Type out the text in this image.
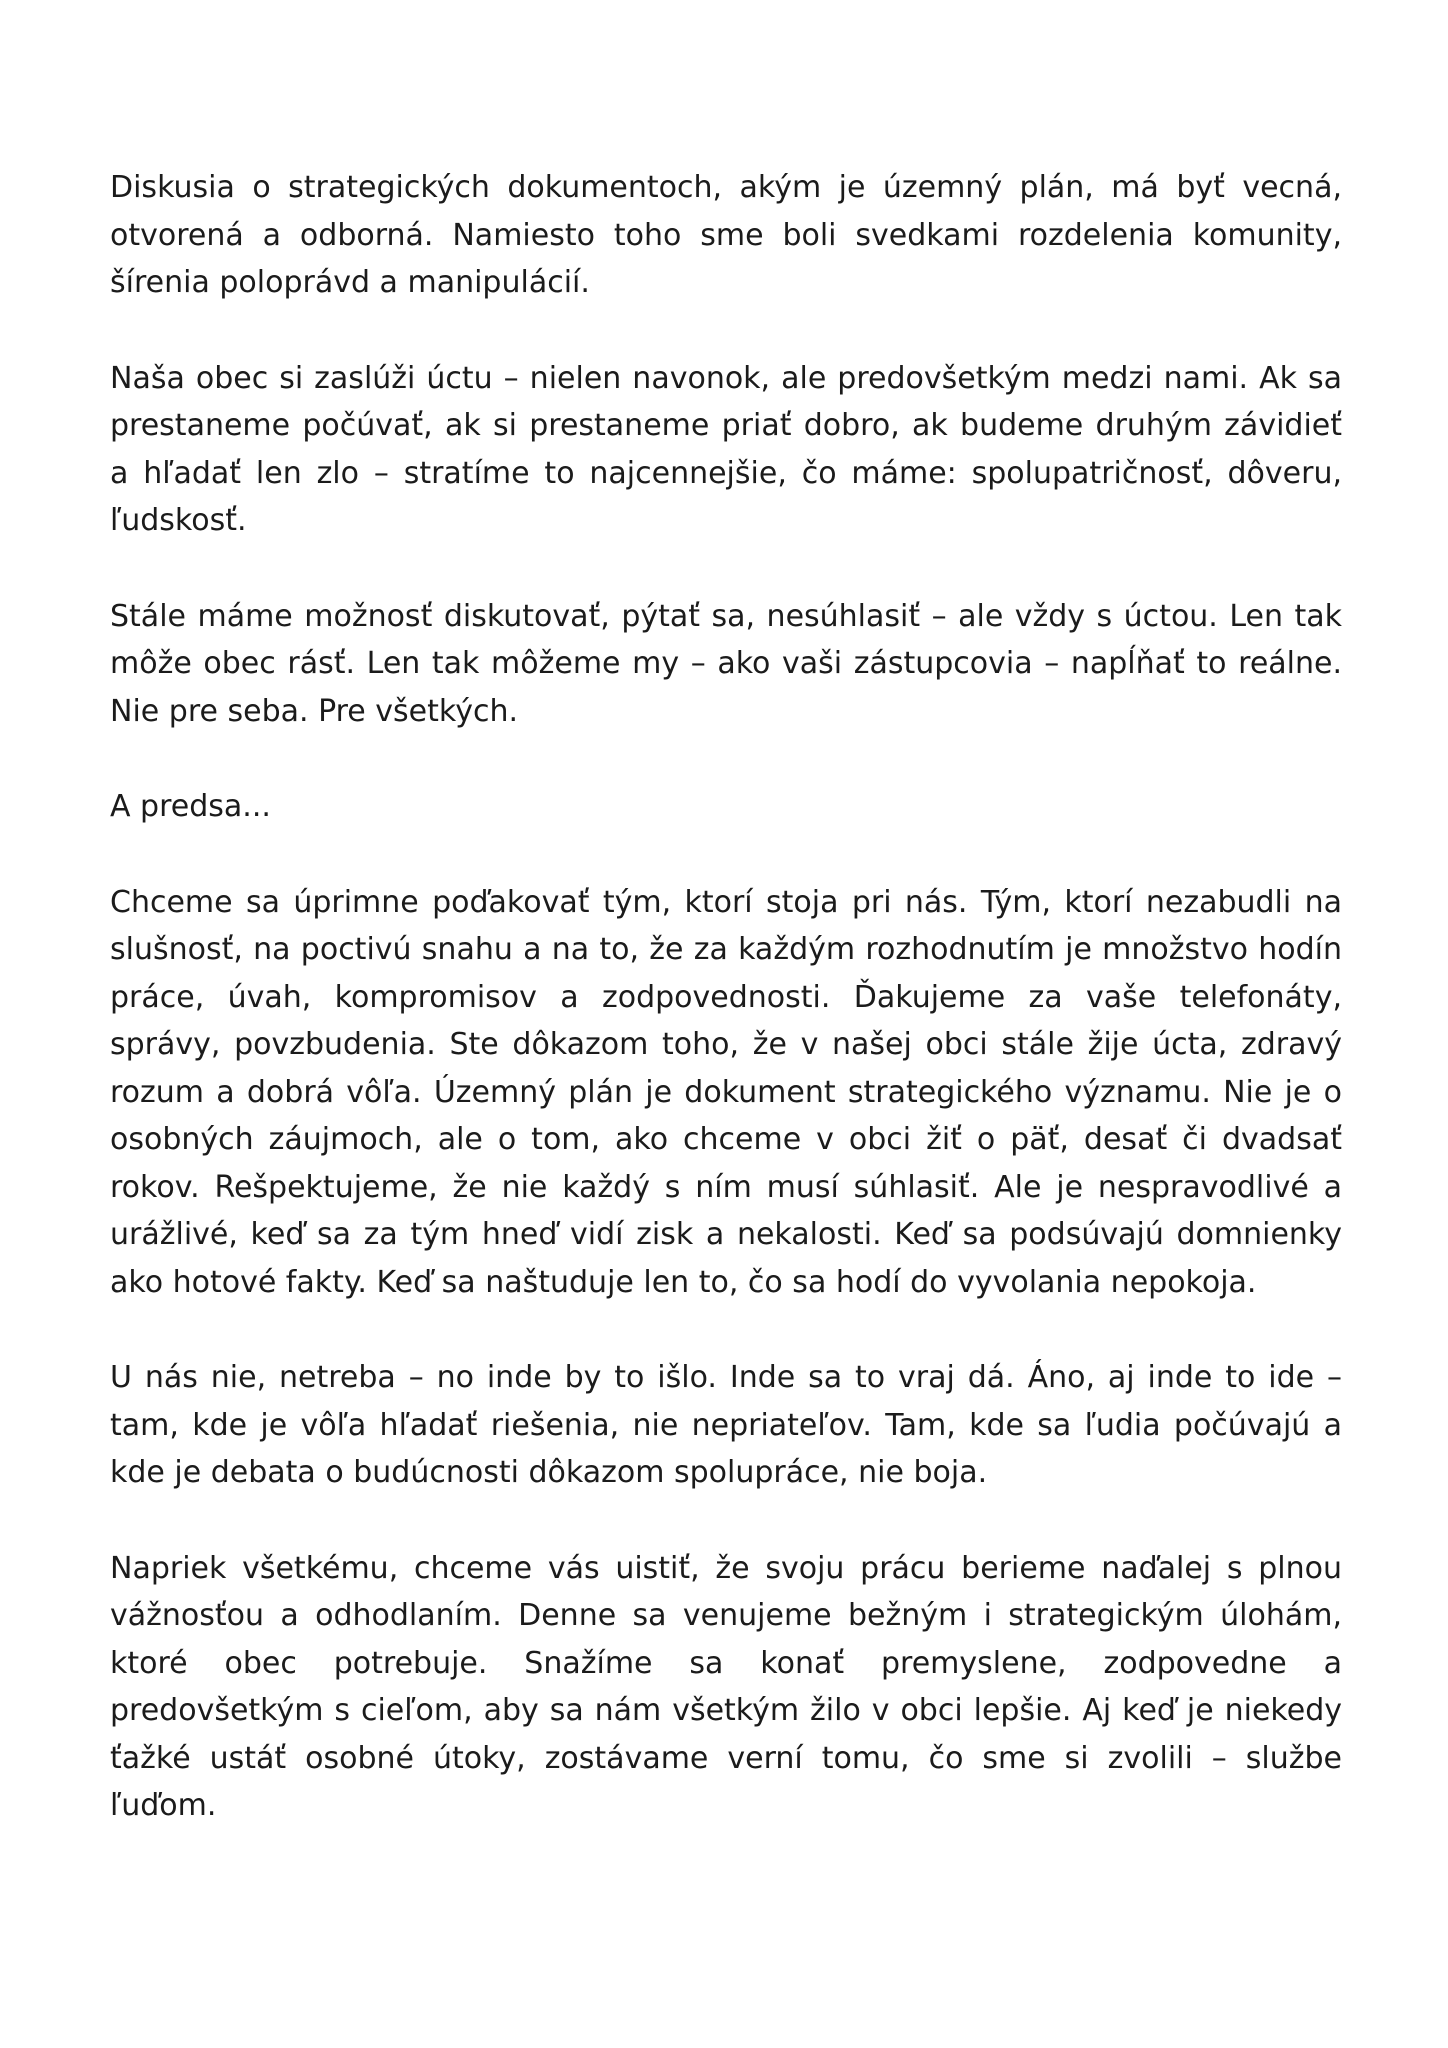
Diskusia o strategických dokumentoch, akým je územný plán, má byť vecná, otvorená a odborná. Namiesto toho sme boli svedkami rozdelenia komunity, šírenia poloprávd a manipulácií.

Naša obec si zaslúži úctu – nielen navonok, ale predovšetkým medzi nami. Ak sa prestaneme počúvať, ak si prestaneme priať dobro, ak budeme druhým závidieť a hľadať len zlo – stratíme to najcennejšie, čo máme: spolupatričnosť, dôveru, ľudskosť.

Stále máme možnosť diskutovať, pýtať sa, nesúhlasiť – ale vždy s úctou. Len tak môže obec rásť. Len tak môžeme my – ako vaši zástupcovia – napĺňať to reálne. Nie pre seba. Pre všetkých.

A predsa...

Chceme sa úprimne poďakovať tým, ktorí stoja pri nás. Tým, ktorí nezabudli na slušnosť, na poctivú snahu a na to, že za každým rozhodnutím je množstvo hodín práce, úvah, kompromisov a zodpovednosti. Ďakujeme za vaše telefonáty, správy, povzbudenia. Ste dôkazom toho, že v našej obci stále žije úcta, zdravý rozum a dobrá vôľa. Územný plán je dokument strategického významu. Nie je o osobných záujmoch, ale o tom, ako chceme v obci žiť o päť, desať či dvadsať rokov. Rešpektujeme, že nie každý s ním musí súhlasiť. Ale je nespravodlivé a urážlivé, keď sa za tým hneď vidí zisk a nekalosti. Keď sa podsúvajú domnienky ako hotové fakty. Keď sa naštuduje len to, čo sa hodí do vyvolania nepokoja.

U nás nie, netreba – no inde by to išlo. Inde sa to vraj dá. Áno, aj inde to ide – tam, kde je vôľa hľadať riešenia, nie nepriateľov. Tam, kde sa ľudia počúvajú a kde je debata o budúcnosti dôkazom spolupráce, nie boja.

Napriek všetkému, chceme vás uistiť, že svoju prácu berieme naďalej s plnou vážnosťou a odhodlaním. Denne sa venujeme bežným i strategickým úlohám, ktoré obec potrebuje. Snažíme sa konať premyslene, zodpovedne a predovšetkým s cieľom, aby sa nám všetkým žilo v obci lepšie. Aj keď je niekedy ťažké ustáť osobné útoky, zostávame verní tomu, čo sme si zvolili – službe ľuďom.
